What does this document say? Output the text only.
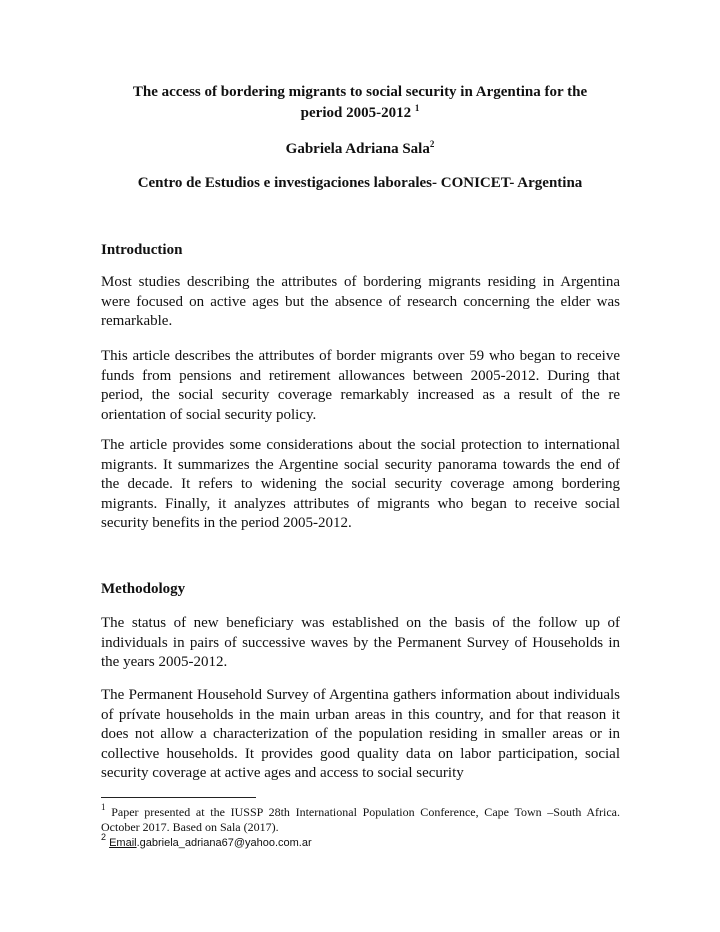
The access of bordering migrants to social security in Argentina for the
period 2005-2012 $^1$
Gabriela Adriana Sala$^2$
Centro de Estudios e investigaciones laborales- CONICET- Argentina
Introduction

Most studies describing the attributes of bordering migrants residing in Argentina were focused on active ages but the absence of research concerning the elder was remarkable.

This article describes the attributes of border migrants over 59 who began to receive funds from pensions and retirement allowances between 2005-2012. During that period, the social security coverage remarkably increased as a result of the re orientation of social security policy.

The article provides some considerations about the social protection to international migrants. It summarizes the Argentine social security panorama towards the end of the decade. It refers to widening the social security coverage among bordering migrants. Finally, it analyzes attributes of migrants who began to receive social security benefits in the period 2005-2012.

Methodology

The status of new beneficiary was established on the basis of the follow up of individuals in pairs of successive waves by the Permanent Survey of Households in the years 2005-2012.

The Permanent Household Survey of Argentina gathers information about individuals of prívate households in the main urban areas in this country, and for that reason it does not allow a characterization of the population residing in smaller areas or in collective households. It provides good quality data on labor participation, social security coverage at active ages and access to social security

$^1$ Paper presented at the IUSSP 28th International Population Conference, Cape Town –South Africa. October 2017. Based on Sala (2017).

$^2$ Email.gabriela_adriana67@yahoo.com.ar
